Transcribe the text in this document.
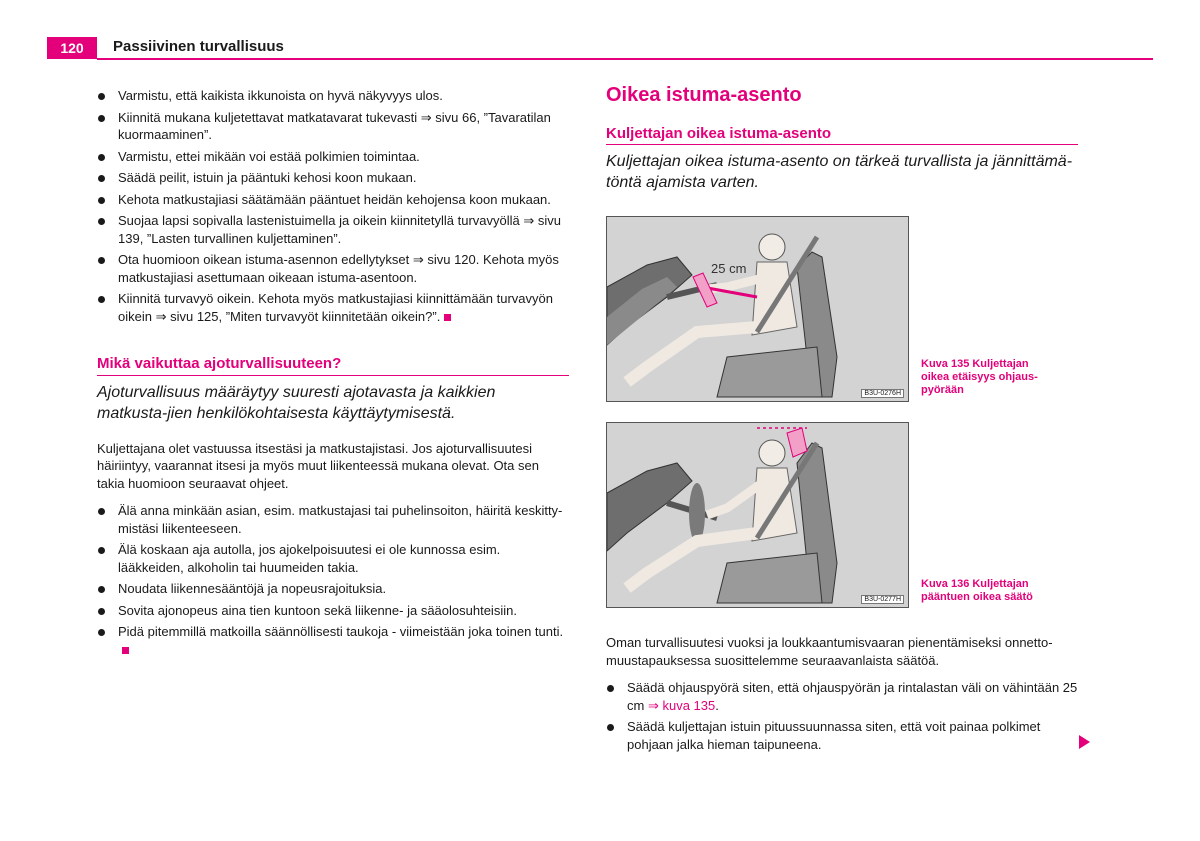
120	Passiivinen turvallisuus
Varmistu, että kaikista ikkunoista on hyvä näkyvyys ulos.
Kiinnitä mukana kuljetettavat matkatavarat tukevasti ⇒ sivu 66, ”Tavaratilan kuormaaminen”.
Varmistu, ettei mikään voi estää polkimien toimintaa.
Säädä peilit, istuin ja pääntuki kehosi koon mukaan.
Kehota matkustajiasi säätämään pääntuet heidän kehojensa koon mukaan.
Suojaa lapsi sopivalla lastenistuimella ja oikein kiinnitetyllä turvavyöllä ⇒ sivu 139, ”Lasten turvallinen kuljettaminen”.
Ota huomioon oikean istuma-asennon edellytykset ⇒ sivu 120. Kehota myös matkustajiasi asettumaan oikeaan istuma-asentoon.
Kiinnitä turvavyö oikein. Kehota myös matkustajiasi kiinnittämään turvavyön oikein ⇒ sivu 125, ”Miten turvavyöt kiinnitetään oikein?”.
Mikä vaikuttaa ajoturvallisuuteen?
Ajoturvallisuus määräytyy suuresti ajotavasta ja kaikkien matkusta-jien henkilökohtaisesta käyttäytymisestä.

Kuljettajana olet vastuussa itsestäsi ja matkustajistasi. Jos ajoturvallisuutesi häiriintyy, vaarannat itsesi ja myös muut liikenteessä mukana olevat. Ota sen takia huomioon seuraavat ohjeet.

Älä anna minkään asian, esim. matkustajasi tai puhelinsoiton, häiritä keskitty-mistäsi liikenteeseen.
Älä koskaan aja autolla, jos ajokelpoisuutesi ei ole kunnossa esim. lääkkeiden, alkoholin tai huumeiden takia.
Noudata liikennesääntöjä ja nopeusrajoituksia.
Sovita ajonopeus aina tien kuntoon sekä liikenne- ja sääolosuhteisiin.
Pidä pitemmillä matkoilla säännöllisesti taukoja - viimeistään joka toinen tunti.
Oikea istuma-asento
Kuljettajan oikea istuma-asento
Kuljettajan oikea istuma-asento on tärkeä turvallista ja jännittämä-töntä ajamista varten.
25 cm
B3U-0276H
Kuva 135 Kuljettajan oikea etäisyys ohjaus-pyörään
B3U-0277H
Kuva 136 Kuljettajan pääntuen oikea säätö

Oman turvallisuutesi vuoksi ja loukkaantumisvaaran pienentämiseksi onnetto-muustapauksessa suosittelemme seuraavanlaista säätöä.

Säädä ohjauspyörä siten, että ohjauspyörän ja rintalastan väli on vähintään 25 cm ⇒ kuva 135.
Säädä kuljettajan istuin pituussuunnassa siten, että voit painaa polkimet pohjaan jalka hieman taipuneena.
